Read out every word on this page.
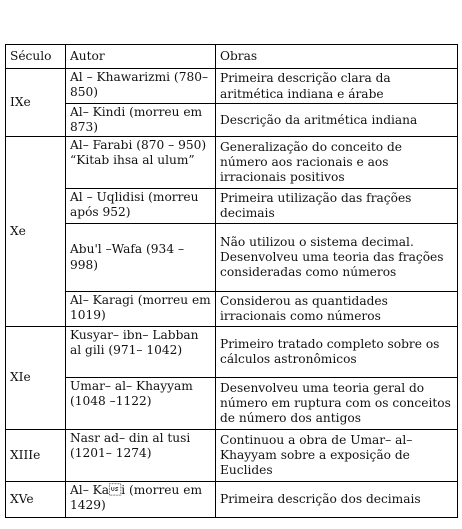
Século	Autor	Obras
IXe	Al – Khawarizmi (780– 850)	Primeira descrição clara da aritmética indiana e árabe
	Al– Kindi (morreu em 873)	Descrição da aritmética indiana
Xe	Al– Farabi (870 – 950) “Kitab ihsa al ulum”	Generalização do conceito de número aos racionais e aos irracionais positivos
	Al – Uqlidisi (morreu após 952)	Primeira utilização das frações decimais
	Abu'l –Wafa (934 – 998)	Não utilizou o sistema decimal. Desenvolveu uma teoria das frações consideradas como números
	Al– Karagi (morreu em 1019)	Considerou as quantidades irracionais como números
XIe	Kusyar– ibn– Labban al gili (971– 1042)	Primeiro tratado completo sobre os cálculos astronômicos
	Umar– al– Khayyam (1048 –1122)	Desenvolveu uma teoria geral do número em ruptura com os conceitos de número dos antigos
XIIIe	Nasr ad– din al tusi (1201– 1274)	Continuou a obra de Umar– al– Khayyam sobre a exposição de Euclides
XVe	Al– Kai (morreu em 1429)	Primeira descrição dos decimais
